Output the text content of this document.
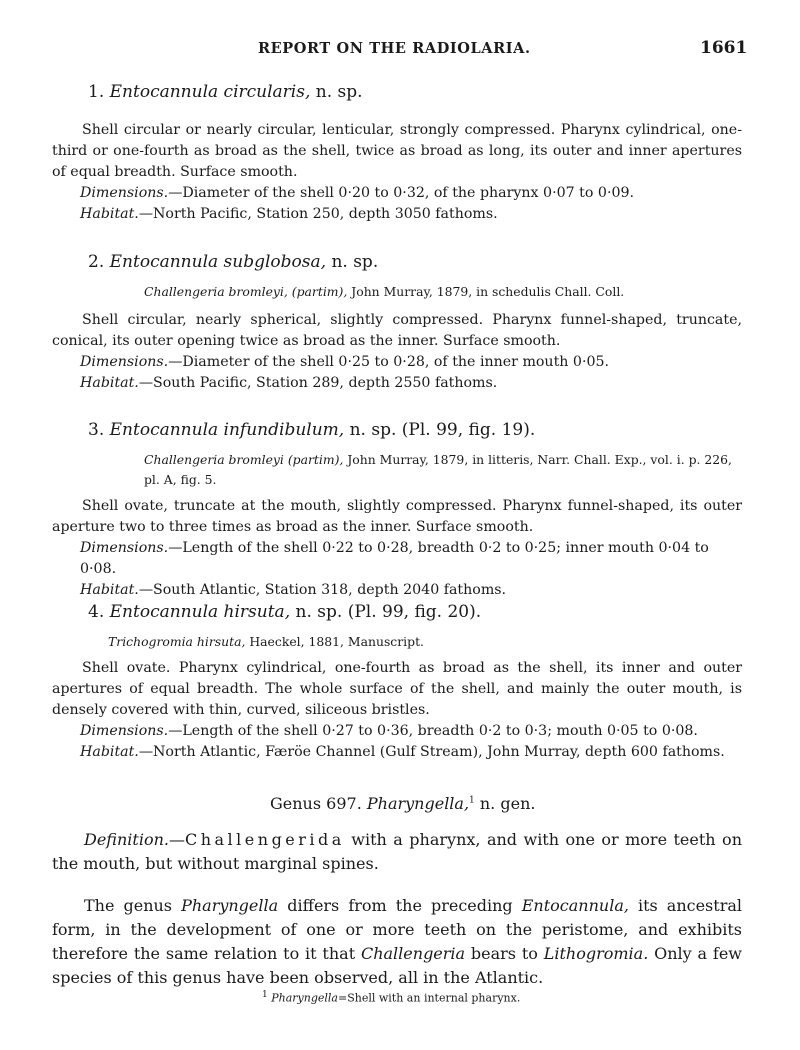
REPORT ON THE RADIOLARIA.	1661
1. Entocannula circularis, n. sp.
Shell circular or nearly circular, lenticular, strongly compressed. Pharynx cylindrical, one-third or one-fourth as broad as the shell, twice as broad as long, its outer and inner apertures of equal breadth. Surface smooth.
Dimensions.—Diameter of the shell 0·20 to 0·32, of the pharynx 0·07 to 0·09.
Habitat.—North Pacific, Station 250, depth 3050 fathoms.
2. Entocannula subglobosa, n. sp.
Challengeria bromleyi, (partim), John Murray, 1879, in schedulis Chall. Coll.
Shell circular, nearly spherical, slightly compressed. Pharynx funnel-shaped, truncate, conical, its outer opening twice as broad as the inner. Surface smooth.
Dimensions.—Diameter of the shell 0·25 to 0·28, of the inner mouth 0·05.
Habitat.—South Pacific, Station 289, depth 2550 fathoms.
3. Entocannula infundibulum, n. sp. (Pl. 99, fig. 19).
Challengeria bromleyi (partim), John Murray, 1879, in litteris, Narr. Chall. Exp., vol. i. p. 226, pl. A, fig. 5.
Shell ovate, truncate at the mouth, slightly compressed. Pharynx funnel-shaped, its outer aperture two to three times as broad as the inner. Surface smooth.
Dimensions.—Length of the shell 0·22 to 0·28, breadth 0·2 to 0·25; inner mouth 0·04 to 0·08.
Habitat.—South Atlantic, Station 318, depth 2040 fathoms.
4. Entocannula hirsuta, n. sp. (Pl. 99, fig. 20).
Trichogromia hirsuta, Haeckel, 1881, Manuscript.
Shell ovate. Pharynx cylindrical, one-fourth as broad as the shell, its inner and outer apertures of equal breadth. The whole surface of the shell, and mainly the outer mouth, is densely covered with thin, curved, siliceous bristles.
Dimensions.—Length of the shell 0·27 to 0·36, breadth 0·2 to 0·3; mouth 0·05 to 0·08.
Habitat.—North Atlantic, Færöe Channel (Gulf Stream), John Murray, depth 600 fathoms.
Genus 697. Pharyngella,$^1$ n. gen.
Definition.—Challengerida with a pharynx, and with one or more teeth on the mouth, but without marginal spines.
The genus Pharyngella differs from the preceding Entocannula, its ancestral form, in the development of one or more teeth on the peristome, and exhibits therefore the same relation to it that Challengeria bears to Lithogromia. Only a few species of this genus have been observed, all in the Atlantic.
$^1$ Pharyngella=Shell with an internal pharynx.
